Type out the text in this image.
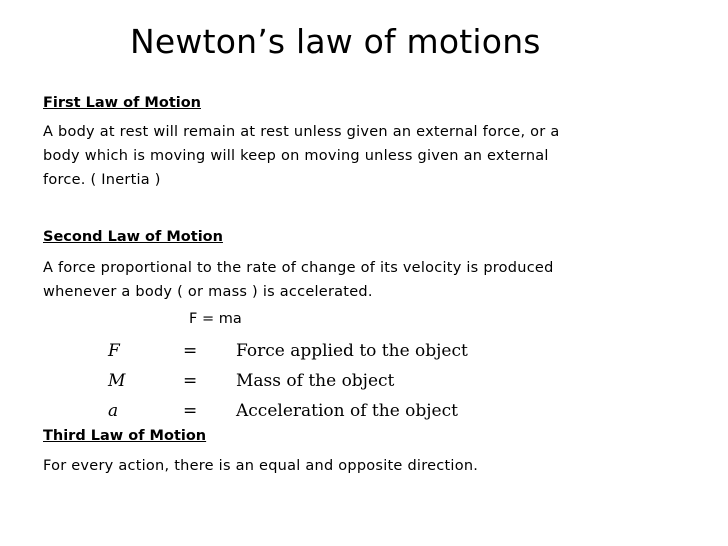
Newton’s law of motions
First Law of Motion
A body at rest will remain at rest unless given an external force, or a
body which is moving will keep on moving unless given an external
force. ( Inertia )
Second Law of Motion
A force proportional to the rate of change of its velocity is produced
whenever a body ( or mass ) is accelerated.
F = ma
F	= Force applied to the object
M	= Mass of the object
a	= Acceleration of the object
Third Law of Motion
For every action, there is an equal and opposite direction.
